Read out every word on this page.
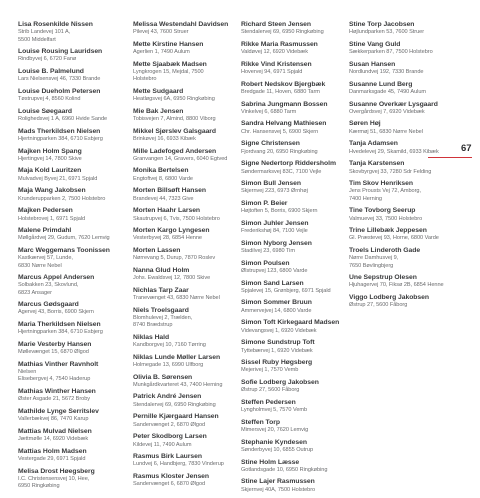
Lisa Rosenkilde Nissen
Strib Landevej 101 A,
5500 Middelfart
Louise Rousing Lauridsen
Rindbyvej 6, 6720 Fanø
Louise B. Palmelund
Lars Nielsensvej 46, 7330 Brande
Louise Dueholm Petersen
Tøstrupvej 4, 8560 Kolind
Louise Søegaard
Rolighedsvej 1 A, 6960 Hvide Sande
Mads Therkildsen Nielsen
Hjertningparken 384, 6710 Esbjerg
Majken Holm Spang
Hjertingvej 14, 7800 Skive
Maja Kold Lauritzen
Mulvadvej Byvej 21, 6971 Spjald
Maja Wang Jakobsen
Krunderupparken 2, 7500 Holstebro
Majken Pedersen
Holstebrovej 1, 6971 Spjald
Malene Primdahl
Møllgårdvej 29, Gudum, 7620 Lemvig
Marc Weggemans Toonissen
Kastkærvej 57, Lunde,
6830 Nørre Nebel
Marcus Appel Andersen
Solbakken 23, Skovlund,
6823 Ansager
Marcus Gødsgaard
Agervej 43, Borris, 6900 Skjern
Maria Therkildsen Nielsen
Hjertningparken 384, 6710 Esbjerg
Marie Vesterby Hansen
Møllevænget 15, 6870 Ølgod
Mathias Vinther Ravnholt
Nielsen
Elisebergvej 4, 7540 Haderup
Mathias Winther Hansen
Øster Asgade 21, 5672 Broby
Mathilde Lynge Serritslev
Vallerbækvej 86, 7470 Karup
Mattias Mulvad Nielsen
Jættmølle 14, 6920 Videbæk
Mattias Holm Madsen
Vestergade 29, 6971 Spjald
Melisa Drost Høegsberg
I.C. Christensensvej 10, Hee,
6950 Ringkøbing
Melissa Westendahl Davidsen
Pilevej 43, 7600 Struer
Mette Kirstine Hansen
Agerlien 1, 7490 Aulum
Mette Sjaabæk Madsen
Lyngkrogen 15, Mejdal, 7500
Holstebro
Mette Sudgaard
Heatløgsvej 6A, 6950 Ringkøbing
Mie Bak Jensen
Tobisvejen 7, Almind, 8800 Viborg
Mikkel Sjørslev Galsgaard
Brinkøvej 16, 6933 Kibæk
Mille Ladefoged Andersen
Granvangen 14, Gravers, 6040 Egtved
Monika Bertelsen
Engtoftvej 8, 6800 Varde
Morten Billsøft Hansen
Brandevej 44, 7323 Give
Morten Haahr Larsen
Skautrupvej 6, Tvis, 7500 Holstebro
Morten Kargo Lyngesen
Vesterbyvej 28, 6854 Henne
Morten Lassen
Nørrevang 5, Durup, 7870 Roslev
Nanna Glud Holm
Johs. Ewaldsvej 12, 7800 Skive
Nichlas Tarp Zaar
Tranevænget 43, 6830 Nørre Nebel
Niels Troelsgaard
Blomhulevej 2, Trælden,
8740 Brædstrup
Niklas Hald
Kandborgvej 10, 7160 Tørring
Niklas Lunde Møller Larsen
Holmegade 13, 6990 Ulfborg
Olivia B. Sørensen
Munkgårdkvarteret 43, 7400 Herning
Patrick André Jensen
Stendalervej 69, 6950 Ringkøbing
Pernille Kjærgaard Hansen
Sandervænget 2, 6870 Ølgod
Peter Skodborg Larsen
Kildevej 11, 7490 Aulum
Rasmus Birk Laursen
Lundvej 6, Handbjerg, 7830 Vinderup
Rasmus Kloster Jensen
Sandervænget 6, 6870 Ølgod
Richard Steen Jensen
Stendalervej 69, 6950 Ringkøbing
Rikke Maria Rasmussen
Valdøvej 12, 6920 Videbæk
Rikke Vind Kristensen
Hovervej 94, 6971 Spjald
Robert Nedskov Bjergbæk
Bredgade 11, Hoven, 6880 Tarm
Sabrina Jungmann Bossen
Vinkelvej 6, 6880 Tarm
Sandra Helvang Mathiesen
Chr. Hansensvej 5, 6900 Skjern
Signe Christensen
Fjordvang 20, 6950 Ringkøbing
Signe Nedertorp Riddersholm
Søndermarksvej 83C, 7100 Vejle
Simon Bull Jensen
Skjernvej 223, 6973 Ørnhøj
Simon P. Beier
Højtoften 5, Borris, 6900 Skjern
Simon Juhler Jensen
Frederikshøj 84, 7100 Vejle
Simon Nyborg Jensen
Stadilvej 23, 6980 Tim
Simon Poulsen
Ølstrupvej 123, 6800 Varde
Simon Sand Larsen
Spjalevej 15, Grønbjerg, 6971 Spjald
Simon Sommer Bruun
Ammervejvej 14, 6800 Varde
Simon Toft Kirkegaard Madsen
Videvangsvej 1, 6920 Videbæk
Simone Sundstrup Toft
Tyttebærvej 1, 6920 Videbæk
Sissel Ruby Høgsberg
Mejerivej 1, 7570 Vemb
Sofie Lodberg Jakobsen
Østrup 27, 5600 Fåborg
Steffen Pedersen
Lyngholmvej 5, 7570 Vemb
Steffen Torp
Mimersvej 20, 7620 Lemvig
Stephanie Kyndesen
Sønderbyvej 10, 6855 Outrup
Stine Holm Læsse
Gotlandsgade 10, 6950 Ringkøbing
Stine Lajer Rasmussen
Skjernvej 40A, 7500 Holstebro
Stine Torp Jacobsen
Højlundparken 53, 7600 Struer
Stine Vang Guld
Sækkerparken 87, 7500 Holstebro
Susan Hansen
Nordlundvej 192, 7330 Brande
Susanne Lund Berg
Danmarksgade 45, 7490 Aulum
Susanne Overkær Lysgaard
Overgårdsvej 7, 6920 Videbæk
Søren Høj
Kærmøj 51, 6830 Nørre Nebel
Tanja Adamsen
Hvedelevej 29, Skamild, 6933 Kibæk
Tanja Karstensen
Skovbyrgvej 33, 7280 Sdr Felding
Tim Skov Henriksen
Jens Prousts Vej 72, Amborg,
7400 Herning
Tine Tovborg Seerup
Valmuevej 33, 7500 Holstebro
Trine Lillebæk Jeppesen
Gl. Præstevej 93, Horne, 6800 Varde
Troels Linderoth Gade
Nørre Damhusvej 9,
7650 Bøvlingbjerg
Une Sepstrup Olesen
Hjuhagervej 70, Fiksø 2B, 6854 Henne
Viggo Lodberg Jakobsen
Østrup 27, 5600 Fåborg
67
